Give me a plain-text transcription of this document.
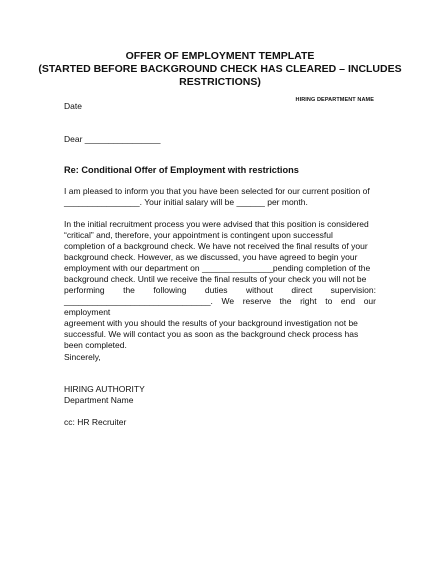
OFFER OF EMPLOYMENT TEMPLATE
(STARTED BEFORE BACKGROUND CHECK HAS CLEARED – INCLUDES
RESTRICTIONS)
HIRING DEPARTMENT NAME
Date
Dear ________________
Re: Conditional Offer of Employment with restrictions
I am pleased to inform you that you have been selected for our current position of
________________. Your initial salary will be ______ per month.
In the initial recruitment process you were advised that this position is considered
“critical” and, therefore, your appointment is contingent upon successful
completion of a background check. We have not received the final results of your
background check. However, as we discussed, you have agreed to begin your
employment with our department on _______________pending completion of the
background check. Until we receive the final results of your check you will not be
performing the following duties without direct supervision:
_______________________________. We reserve the right to end our employment
agreement with you should the results of your background investigation not be
successful. We will contact you as soon as the background check process has
been completed.
Sincerely,
HIRING AUTHORITY
Department Name
cc: HR Recruiter
